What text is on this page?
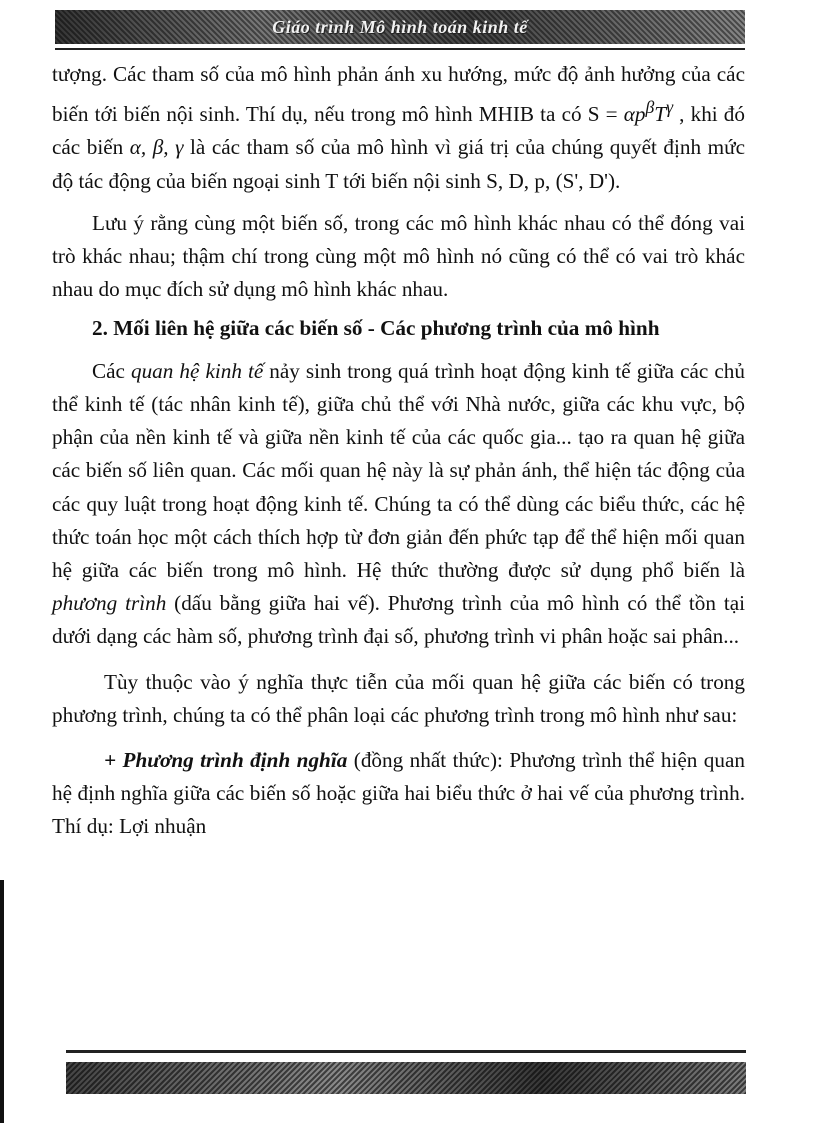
Giáo trình Mô hình toán kinh tế

tượng. Các tham số của mô hình phản ánh xu hướng, mức độ ảnh hưởng của các biến tới biến nội sinh. Thí dụ, nếu trong mô hình MHIB ta có $S = \alpha p^\beta T^\gamma$ , khi đó các biến α, β, γ là các tham số của mô hình vì giá trị của chúng quyết định mức độ tác động của biến ngoại sinh T tới biến nội sinh S, D, p, (S', D').

Lưu ý rằng cùng một biến số, trong các mô hình khác nhau có thể đóng vai trò khác nhau; thậm chí trong cùng một mô hình nó cũng có thể có vai trò khác nhau do mục đích sử dụng mô hình khác nhau.

2. Mối liên hệ giữa các biến số - Các phương trình của mô hình

Các quan hệ kinh tế nảy sinh trong quá trình hoạt động kinh tế giữa các chủ thể kinh tế (tác nhân kinh tế), giữa chủ thể với Nhà nước, giữa các khu vực, bộ phận của nền kinh tế và giữa nền kinh tế của các quốc gia... tạo ra quan hệ giữa các biến số liên quan. Các mối quan hệ này là sự phản ánh, thể hiện tác động của các quy luật trong hoạt động kinh tế. Chúng ta có thể dùng các biểu thức, các hệ thức toán học một cách thích hợp từ đơn giản đến phức tạp để thể hiện mối quan hệ giữa các biến trong mô hình. Hệ thức thường được sử dụng phổ biến là phương trình (dấu bằng giữa hai vế). Phương trình của mô hình có thể tồn tại dưới dạng các hàm số, phương trình đại số, phương trình vi phân hoặc sai phân...

Tùy thuộc vào ý nghĩa thực tiễn của mối quan hệ giữa các biến có trong phương trình, chúng ta có thể phân loại các phương trình trong mô hình như sau:

+ Phương trình định nghĩa (đồng nhất thức): Phương trình thể hiện quan hệ định nghĩa giữa các biến số hoặc giữa hai biểu thức ở hai vế của phương trình. Thí dụ: Lợi nhuận
